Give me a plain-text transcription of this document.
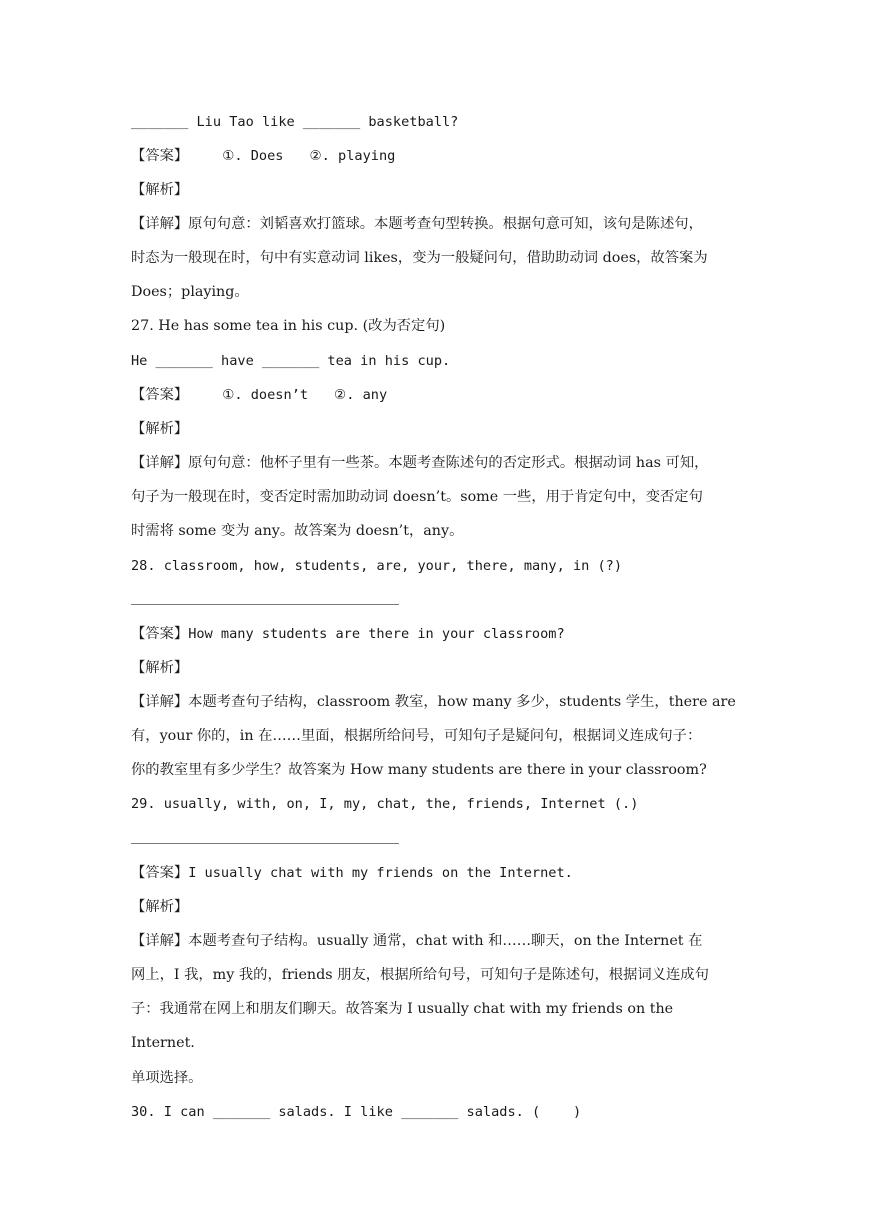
_______ Liu Tao like _______ basketball?
【答案】	①. Does ②. playing
【解析】
【详解】原句句意：刘韬喜欢打篮球。本题考查句型转换。根据句意可知，该句是陈述句，
时态为一般现在时，句中有实意动词 likes，变为一般疑问句，借助助动词 does，故答案为
Does；playing。
27. He has some tea in his cup. (改为否定句)
He _______ have _______ tea in his cup.
【答案】	①. doesn’t ②. any
【解析】
【详解】原句句意：他杯子里有一些茶。本题考查陈述句的否定形式。根据动词 has 可知，
句子为一般现在时，变否定时需加助动词 doesn’t。some 一些，用于肯定句中，变否定句
时需将 some 变为 any。故答案为 doesn’t，any。
28. classroom, how, students, are, your, there, many, in (?)
【答案】How many students are there in your classroom?
【解析】
【详解】本题考查句子结构，classroom 教室，how many 多少，students 学生，there are
有，your 你的，in 在……里面，根据所给问号，可知句子是疑问句，根据词义连成句子：
你的教室里有多少学生？故答案为 How many students are there in your classroom?
29. usually, with, on, I, my, chat, the, friends, Internet (.)
【答案】I usually chat with my friends on the Internet.
【解析】
【详解】本题考查句子结构。usually 通常，chat with 和……聊天，on the Internet 在
网上，I 我，my 我的，friends 朋友，根据所给句号，可知句子是陈述句，根据词义连成句
子：我通常在网上和朋友们聊天。故答案为 I usually chat with my friends on the
Internet.
单项选择。
30. I can _______ salads. I like _______ salads. (    )
